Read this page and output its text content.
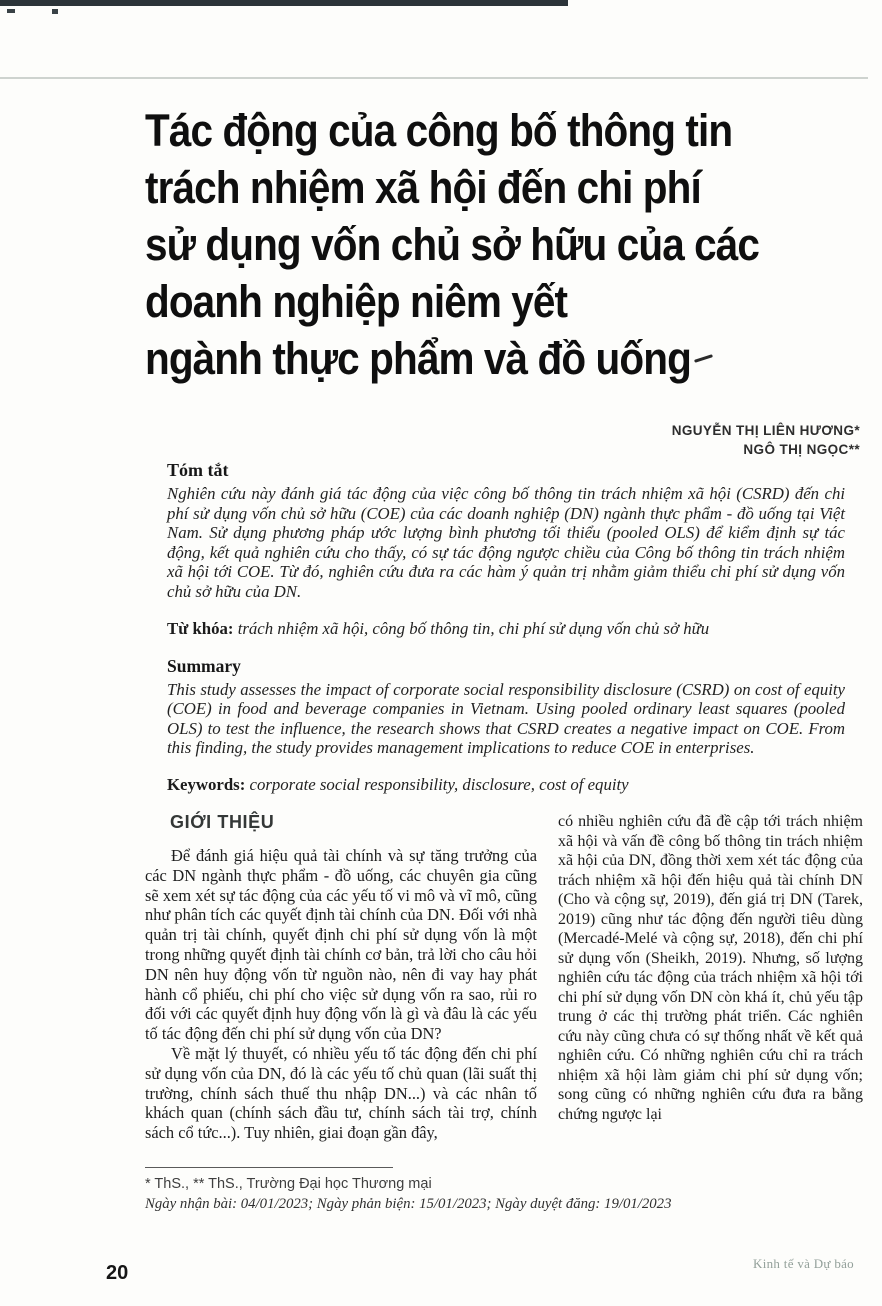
Tác động của công bố thông tin
trách nhiệm xã hội đến chi phí
sử dụng vốn chủ sở hữu của các
doanh nghiệp niêm yết
ngành thực phẩm và đồ uống
NGUYỄN THỊ LIÊN HƯƠNG*
NGÔ THỊ NGỌC**
Tóm tắt

Nghiên cứu này đánh giá tác động của việc công bố thông tin trách nhiệm xã hội (CSRD) đến chi phí sử dụng vốn chủ sở hữu (COE) của các doanh nghiệp (DN) ngành thực phẩm - đồ uống tại Việt Nam. Sử dụng phương pháp ước lượng bình phương tối thiểu (pooled OLS) để kiểm định sự tác động, kết quả nghiên cứu cho thấy, có sự tác động ngược chiều của Công bố thông tin trách nhiệm xã hội tới COE. Từ đó, nghiên cứu đưa ra các hàm ý quản trị nhằm giảm thiểu chi phí sử dụng vốn chủ sở hữu của DN.

Từ khóa: trách nhiệm xã hội, công bố thông tin, chi phí sử dụng vốn chủ sở hữu
Summary

This study assesses the impact of corporate social responsibility disclosure (CSRD) on cost of equity (COE) in food and beverage companies in Vietnam. Using pooled ordinary least squares (pooled OLS) to test the influence, the research shows that CSRD creates a negative impact on COE. From this finding, the study provides management implications to reduce COE in enterprises.

Keywords: corporate social responsibility, disclosure, cost of equity
GIỚI THIỆU

Để đánh giá hiệu quả tài chính và sự tăng trưởng của các DN ngành thực phẩm - đồ uống, các chuyên gia cũng sẽ xem xét sự tác động của các yếu tố vi mô và vĩ mô, cũng như phân tích các quyết định tài chính của DN. Đối với nhà quản trị tài chính, quyết định chi phí sử dụng vốn là một trong những quyết định tài chính cơ bản, trả lời cho câu hỏi DN nên huy động vốn từ nguồn nào, nên đi vay hay phát hành cổ phiếu, chi phí cho việc sử dụng vốn ra sao, rủi ro đối với các quyết định huy động vốn là gì và đâu là các yếu tố tác động đến chi phí sử dụng vốn của DN?

Về mặt lý thuyết, có nhiều yếu tố tác động đến chi phí sử dụng vốn của DN, đó là các yếu tố chủ quan (lãi suất thị trường, chính sách thuế thu nhập DN...) và các nhân tố khách quan (chính sách đầu tư, chính sách tài trợ, chính sách cổ tức...). Tuy nhiên, giai đoạn gần đây,

có nhiều nghiên cứu đã đề cập tới trách nhiệm xã hội và vấn đề công bố thông tin trách nhiệm xã hội của DN, đồng thời xem xét tác động của trách nhiệm xã hội đến hiệu quả tài chính DN (Cho và cộng sự, 2019), đến giá trị DN (Tarek, 2019) cũng như tác động đến người tiêu dùng (Mercadé-Melé và cộng sự, 2018), đến chi phí sử dụng vốn (Sheikh, 2019). Nhưng, số lượng nghiên cứu tác động của trách nhiệm xã hội tới chi phí sử dụng vốn DN còn khá ít, chủ yếu tập trung ở các thị trường phát triển. Các nghiên cứu này cũng chưa có sự thống nhất về kết quả nghiên cứu. Có những nghiên cứu chỉ ra trách nhiệm xã hội làm giảm chi phí sử dụng vốn; song cũng có những nghiên cứu đưa ra bằng chứng ngược lại

* ThS., ** ThS., Trường Đại học Thương mại
Ngày nhận bài: 04/01/2023; Ngày phản biện: 15/01/2023; Ngày duyệt đăng: 19/01/2023
20	Kinh tế và Dự báo
